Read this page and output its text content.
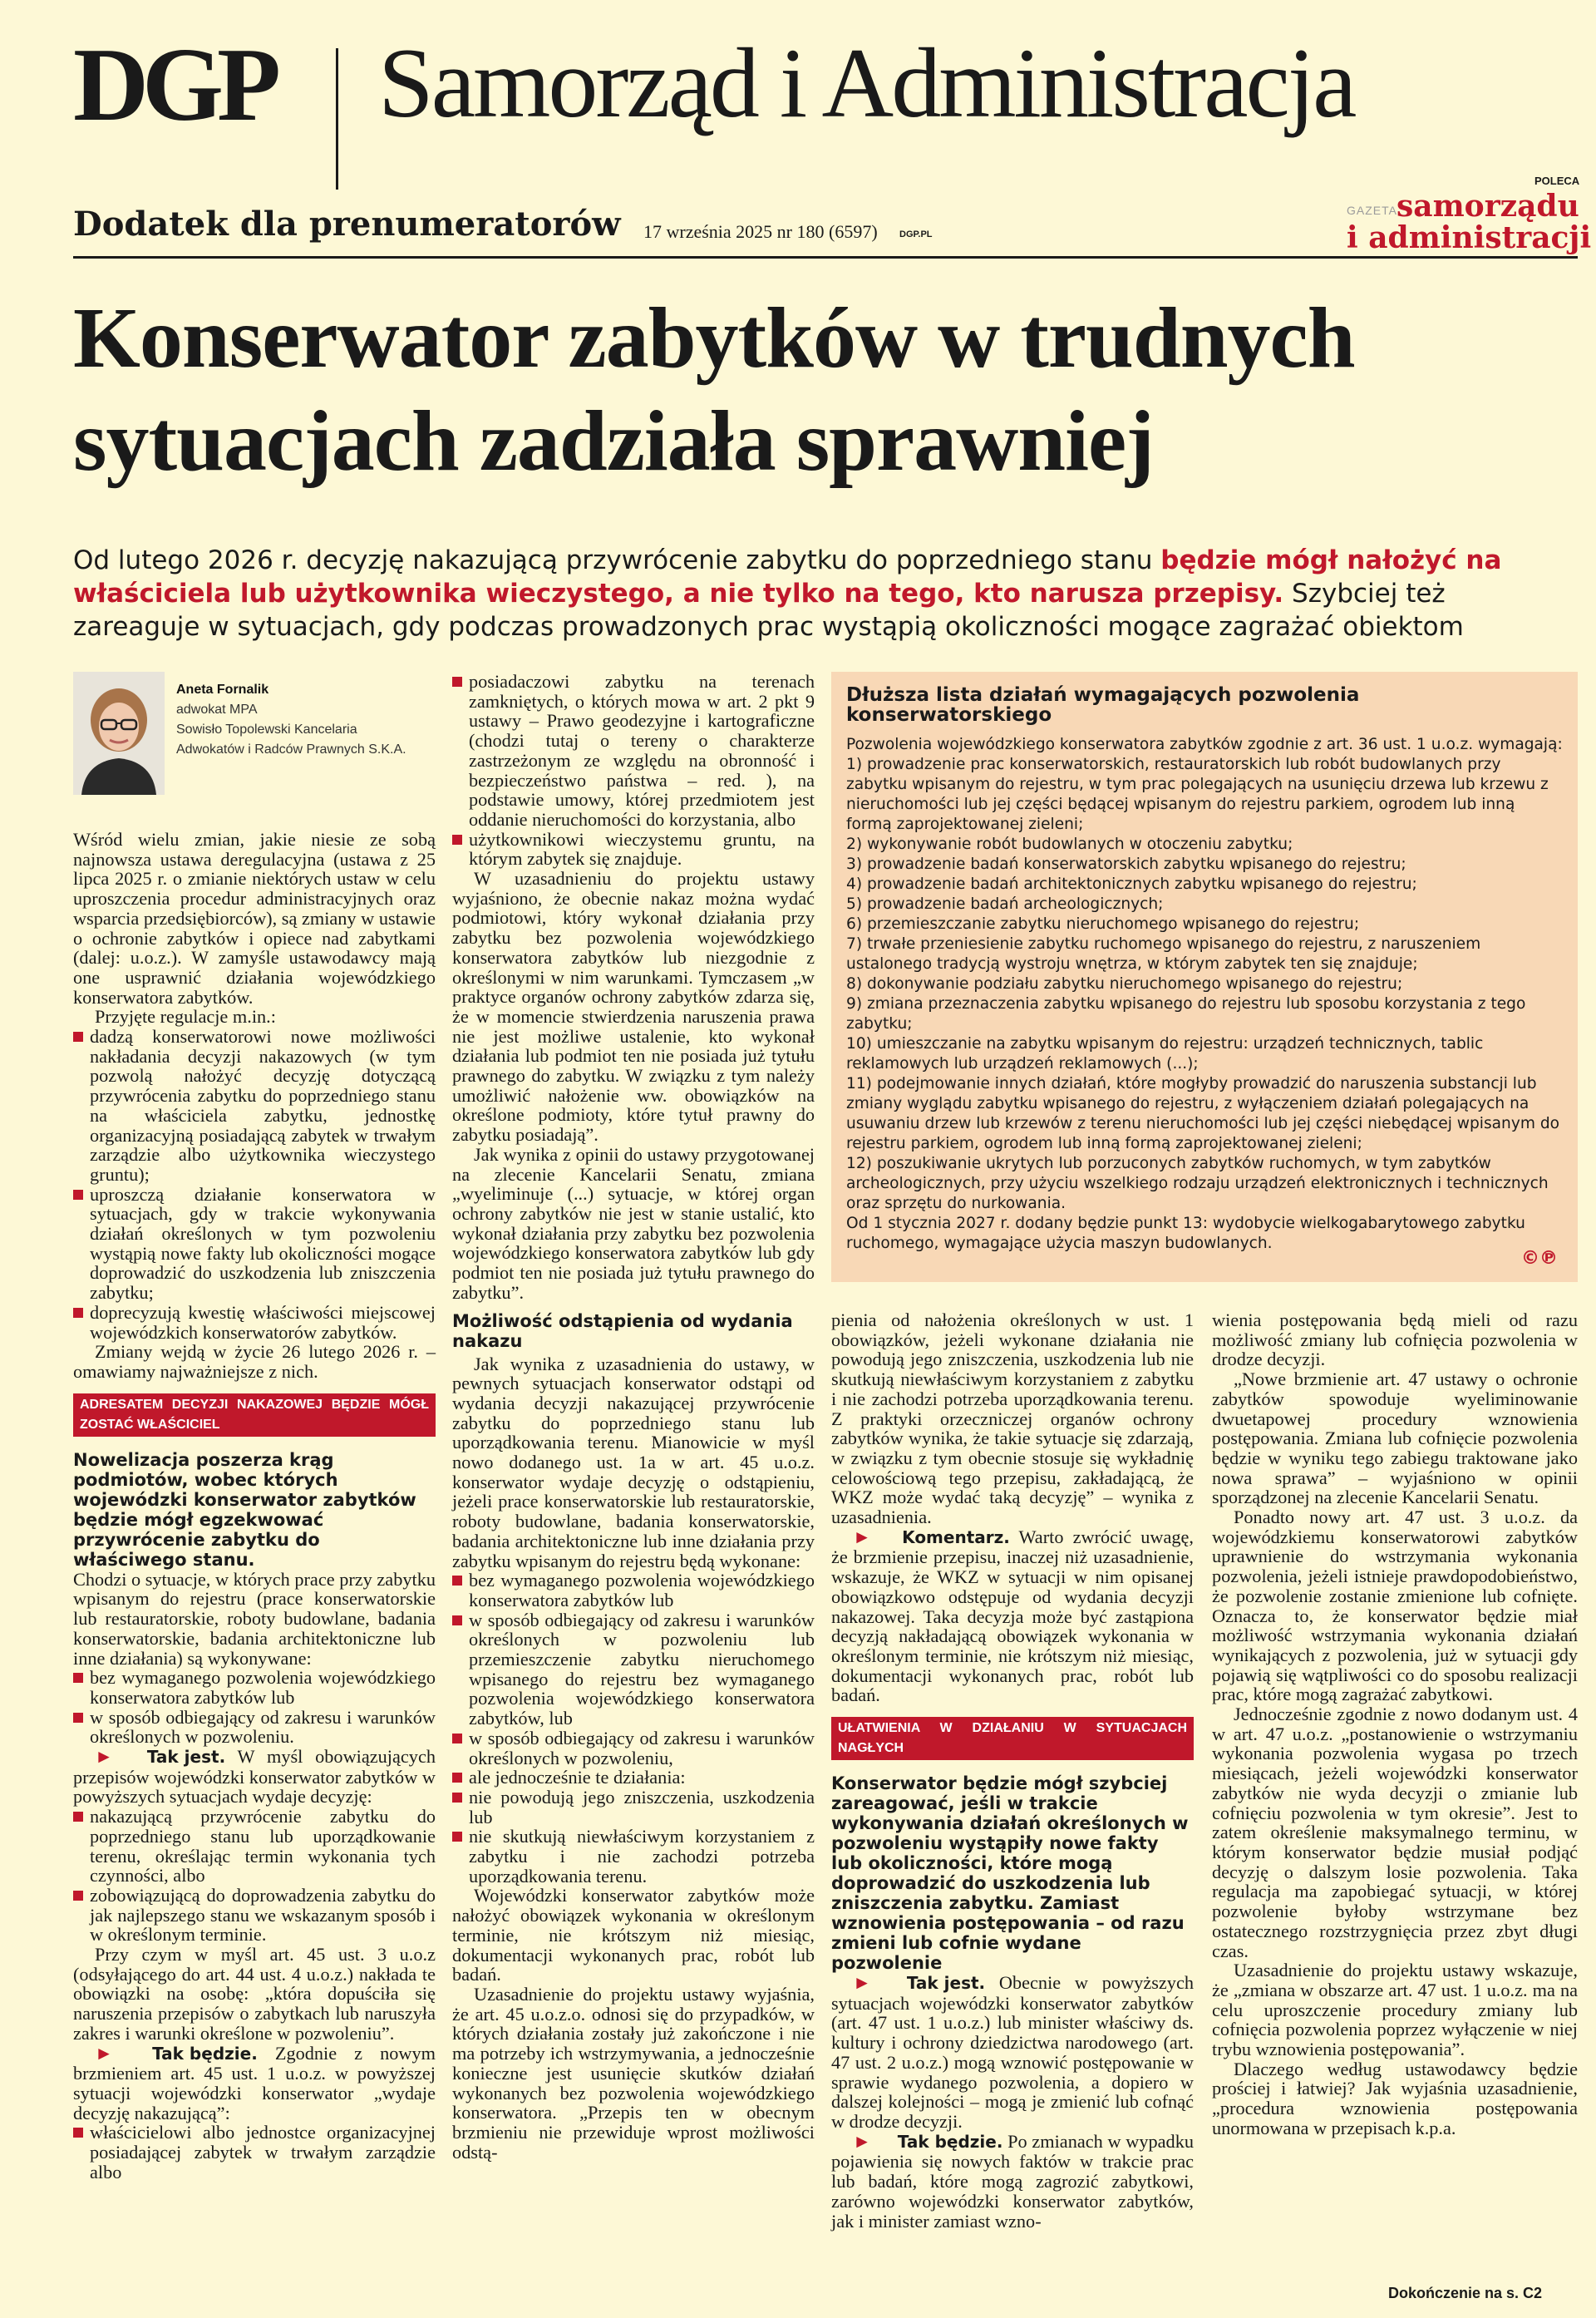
DGP Samorząd i Administracja
Dodatek dla prenumeratorów 17 września 2025 nr 180 (6597) DGP.PL
POLECA
GAZETA samorządu
i administracji
Konserwator zabytków w trudnych sytuacjach zadziała sprawniej
Od lutego 2026 r. decyzję nakazującą przywrócenie zabytku do poprzedniego stanu będzie mógł nałożyć na właściciela lub użytkownika wieczystego, a nie tylko na tego, kto narusza przepisy. Szybciej też zareaguje w sytuacjach, gdy podczas prowadzonych prac wystąpią okoliczności mogące zagrażać obiektom
Aneta Fornalik
adwokat MPA
Sowisło Topolewski Kancelaria Adwokatów i Radców Prawnych S.K.A.

Wśród wielu zmian, jakie niesie ze sobą najnowsza ustawa deregulacyjna (ustawa z 25 lipca 2025 r. o zmianie niektórych ustaw w celu uproszczenia procedur administracyjnych oraz wsparcia przedsiębiorców), są zmiany w ustawie o ochronie zabytków i opiece nad zabytkami (dalej: u.o.z.). W zamyśle ustawodawcy mają one usprawnić działania wojewódzkiego konserwatora zabytków.

Przyjęte regulacje m.in.:

dadzą konserwatorowi nowe możliwości nakładania decyzji nakazowych (w tym pozwolą nałożyć decyzję dotyczącą przywrócenia zabytku do poprzedniego stanu na właściciela zabytku, jednostkę organizacyjną posiadającą zabytek w trwałym zarządzie albo użytkownika wieczystego gruntu);
uproszczą działanie konserwatora w sytuacjach, gdy w trakcie wykonywania działań określonych w tym pozwoleniu wystąpią nowe fakty lub okoliczności mogące doprowadzić do uszkodzenia lub zniszczenia zabytku;
doprecyzują kwestię właściwości miejscowej wojewódzkich konserwatorów zabytków.

Zmiany wejdą w życie 26 lutego 2026 r. – omawiamy najważniejsze z nich.

ADRESATEM DECYZJI NAKAZOWEJ BĘDZIE MÓGŁ ZOSTAĆ WŁAŚCICIEL

Nowelizacja poszerza krąg podmiotów, wobec których wojewódzki konserwator zabytków będzie mógł egzekwować przywrócenie zabytku do właściwego stanu.

Chodzi o sytuacje, w których prace przy zabytku wpisanym do rejestru (prace konserwatorskie lub restauratorskie, roboty budowlane, badania konserwatorskie, badania architektoniczne lub inne działania) są wykonywane:

bez wymaganego pozwolenia wojewódzkiego konserwatora zabytków lub
w sposób odbiegający od zakresu i warunków określonych w pozwoleniu.

► Tak jest. W myśl obowiązujących przepisów wojewódzki konserwator zabytków w powyższych sytuacjach wydaje decyzję:

nakazującą przywrócenie zabytku do poprzedniego stanu lub uporządkowanie terenu, określając termin wykonania tych czynności, albo
zobowiązującą do doprowadzenia zabytku do jak najlepszego stanu we wskazanym sposób i w określonym terminie.

Przy czym w myśl art. 45 ust. 3 u.o.z (odsyłającego do art. 44 ust. 4 u.o.z.) nakłada te obowiązki na osobę: „która dopuściła się naruszenia przepisów o zabytkach lub naruszyła zakres i warunki określone w pozwoleniu”.

► Tak będzie. Zgodnie z nowym brzmieniem art. 45 ust. 1 u.o.z. w powyższej sytuacji wojewódzki konserwator „wydaje decyzję nakazującą”:

właścicielowi albo jednostce organizacyjnej posiadającej zabytek w trwałym zarządzie albo
posiadaczowi zabytku na terenach zamkniętych, o których mowa w art. 2 pkt 9 ustawy – Prawo geodezyjne i kartograficzne (chodzi tutaj o tereny o charakterze zastrzeżonym ze względu na obronność i bezpieczeństwo państwa – red. ), na podstawie umowy, której przedmiotem jest oddanie nieruchomości do korzystania, albo
użytkownikowi wieczystemu gruntu, na którym zabytek się znajduje.

W uzasadnieniu do projektu ustawy wyjaśniono, że obecnie nakaz można wydać podmiotowi, który wykonał działania przy zabytku bez pozwolenia wojewódzkiego konserwatora zabytków lub niezgodnie z określonymi w nim warunkami. Tymczasem „w praktyce organów ochrony zabytków zdarza się, że w momencie stwierdzenia naruszenia prawa nie jest możliwe ustalenie, kto wykonał działania lub podmiot ten nie posiada już tytułu prawnego do zabytku. W związku z tym należy umożliwić nałożenie ww. obowiązków na określone podmioty, które tytuł prawny do zabytku posiadają”.

Jak wynika z opinii do ustawy przygotowanej na zlecenie Kancelarii Senatu, zmiana „wyeliminuje (...) sytuacje, w której organ ochrony zabytków nie jest w stanie ustalić, kto wykonał działania przy zabytku bez pozwolenia wojewódzkiego konserwatora zabytków lub gdy podmiot ten nie posiada już tytułu prawnego do zabytku”.

Możliwość odstąpienia od wydania nakazu

Jak wynika z uzasadnienia do ustawy, w pewnych sytuacjach konserwator odstąpi od wydania decyzji nakazującej przywrócenie zabytku do poprzedniego stanu lub uporządkowania terenu. Mianowicie w myśl nowo dodanego ust. 1a w art. 45 u.o.z. konserwator wydaje decyzję o odstąpieniu, jeżeli prace konserwatorskie lub restauratorskie, roboty budowlane, badania konserwatorskie, badania architektoniczne lub inne działania przy zabytku wpisanym do rejestru będą wykonane:

bez wymaganego pozwolenia wojewódzkiego konserwatora zabytków lub
w sposób odbiegający od zakresu i warunków określonych w pozwoleniu lub przemieszczenie zabytku nieruchomego wpisanego do rejestru bez wymaganego pozwolenia wojewódzkiego konserwatora zabytków, lub
w sposób odbiegający od zakresu i warunków określonych w pozwoleniu,
ale jednocześnie te działania:
nie powodują jego zniszczenia, uszkodzenia lub
nie skutkują niewłaściwym korzystaniem z zabytku i nie zachodzi potrzeba uporządkowania terenu.

Wojewódzki konserwator zabytków może nałożyć obowiązek wykonania w określonym terminie, nie krótszym niż miesiąc, dokumentacji wykonanych prac, robót lub badań.

Uzasadnienie do projektu ustawy wyjaśnia, że art. 45 u.o.z.o. odnosi się do przypadków, w których działania zostały już zakończone i nie ma potrzeby ich wstrzymywania, a jednocześnie konieczne jest usunięcie skutków działań wykonanych bez pozwolenia wojewódzkiego konserwatora. „Przepis ten w obecnym brzmieniu nie przewiduje wprost możliwości odstą-

Dłuższa lista działań wymagających pozwolenia konserwatorskiego
Pozwolenia wojewódzkiego konserwatora zabytków zgodnie z art. 36 ust. 1 u.o.z. wymagają:
1) prowadzenie prac konserwatorskich, restauratorskich lub robót budowlanych przy zabytku wpisanym do rejestru, w tym prac polegających na usunięciu drzewa lub krzewu z nieruchomości lub jej części będącej wpisanym do rejestru parkiem, ogrodem lub inną formą zaprojektowanej zieleni;
2) wykonywanie robót budowlanych w otoczeniu zabytku;
3) prowadzenie badań konserwatorskich zabytku wpisanego do rejestru;
4) prowadzenie badań architektonicznych zabytku wpisanego do rejestru;
5) prowadzenie badań archeologicznych;
6) przemieszczanie zabytku nieruchomego wpisanego do rejestru;
7) trwałe przeniesienie zabytku ruchomego wpisanego do rejestru, z naruszeniem ustalonego tradycją wystroju wnętrza, w którym zabytek ten się znajduje;
8) dokonywanie podziału zabytku nieruchomego wpisanego do rejestru;
9) zmiana przeznaczenia zabytku wpisanego do rejestru lub sposobu korzystania z tego zabytku;
10) umieszczanie na zabytku wpisanym do rejestru: urządzeń technicznych, tablic reklamowych lub urządzeń reklamowych (...);
11) podejmowanie innych działań, które mogłyby prowadzić do naruszenia substancji lub zmiany wyglądu zabytku wpisanego do rejestru, z wyłączeniem działań polegających na usuwaniu drzew lub krzewów z terenu nieruchomości lub jej części niebędącej wpisanym do rejestru parkiem, ogrodem lub inną formą zaprojektowanej zieleni;
12) poszukiwanie ukrytych lub porzuconych zabytków ruchomych, w tym zabytków archeologicznych, przy użyciu wszelkiego rodzaju urządzeń elektronicznych i technicznych oraz sprzętu do nurkowania.
Od 1 stycznia 2027 r. dodany będzie punkt 13: wydobycie wielkogabarytowego zabytku ruchomego, wymagające użycia maszyn budowlanych.
©℗

pienia od nałożenia określonych w ust. 1 obowiązków, jeżeli wykonane działania nie powodują jego zniszczenia, uszkodzenia lub nie skutkują niewłaściwym korzystaniem z zabytku i nie zachodzi potrzeba uporządkowania terenu. Z praktyki orzeczniczej organów ochrony zabytków wynika, że takie sytuacje się zdarzają, w związku z tym obecnie stosuje się wykładnię celowościową tego przepisu, zakładającą, że WKZ może wydać taką decyzję” – wynika z uzasadnienia.

► Komentarz. Warto zwrócić uwagę, że brzmienie przepisu, inaczej niż uzasadnienie, wskazuje, że WKZ w sytuacji w nim opisanej obowiązkowo odstępuje od wydania decyzji nakazowej. Taka decyzja może być zastąpiona decyzją nakładającą obowiązek wykonania w określonym terminie, nie krótszym niż miesiąc, dokumentacji wykonanych prac, robót lub badań.

UŁATWIENIA W DZIAŁANIU W SYTUACJACH NAGŁYCH

Konserwator będzie mógł szybciej zareagować, jeśli w trakcie wykonywania działań określonych w pozwoleniu wystąpiły nowe fakty lub okoliczności, które mogą doprowadzić do uszkodzenia lub zniszczenia zabytku. Zamiast wznowienia postępowania – od razu zmieni lub cofnie wydane pozwolenie

► Tak jest. Obecnie w powyższych sytuacjach wojewódzki konserwator zabytków (art. 47 ust. 1 u.o.z.) lub minister właściwy ds. kultury i ochrony dziedzictwa narodowego (art. 47 ust. 2 u.o.z.) mogą wznowić postępowanie w sprawie wydanego pozwolenia, a dopiero w dalszej kolejności – mogą je zmienić lub cofnąć w drodze decyzji.

► Tak będzie. Po zmianach w wypadku pojawienia się nowych faktów w trakcie prac lub badań, które mogą zagrozić zabytkowi, zarówno wojewódzki konserwator zabytków, jak i minister zamiast wzno-

wienia postępowania będą mieli od razu możliwość zmiany lub cofnięcia pozwolenia w drodze decyzji.

„Nowe brzmienie art. 47 ustawy o ochronie zabytków spowoduje wyeliminowanie dwuetapowej procedury wznowienia postępowania. Zmiana lub cofnięcie pozwolenia będzie w wyniku tego zabiegu traktowane jako nowa sprawa” – wyjaśniono w opinii sporządzonej na zlecenie Kancelarii Senatu.

Ponadto nowy art. 47 ust. 3 u.o.z. da wojewódzkiemu konserwatorowi zabytków uprawnienie do wstrzymania wykonania pozwolenia, jeżeli istnieje prawdopodobieństwo, że pozwolenie zostanie zmienione lub cofnięte. Oznacza to, że konserwator będzie miał możliwość wstrzymania wykonania działań wynikających z pozwolenia, już w sytuacji gdy pojawią się wątpliwości co do sposobu realizacji prac, które mogą zagrażać zabytkowi.

Jednocześnie zgodnie z nowo dodanym ust. 4 w art. 47 u.o.z. „postanowienie o wstrzymaniu wykonania pozwolenia wygasa po trzech miesiącach, jeżeli wojewódzki konserwator zabytków nie wyda decyzji o zmianie lub cofnięciu pozwolenia w tym okresie”. Jest to zatem określenie maksymalnego terminu, w którym konserwator będzie musiał podjąć decyzję o dalszym losie pozwolenia. Taka regulacja ma zapobiegać sytuacji, w której pozwolenie byłoby wstrzymane bez ostatecznego rozstrzygnięcia przez zbyt długi czas.

Uzasadnienie do projektu ustawy wskazuje, że „zmiana w obszarze art. 47 ust. 1 u.o.z. ma na celu uproszczenie procedury zmiany lub cofnięcia pozwolenia poprzez wyłączenie w niej trybu wznowienia postępowania”.

Dlaczego według ustawodawcy będzie prościej i łatwiej? Jak wyjaśnia uzasadnienie, „procedura wznowienia postępowania unormowana w przepisach k.p.a.

Dokończenie na s. C2
